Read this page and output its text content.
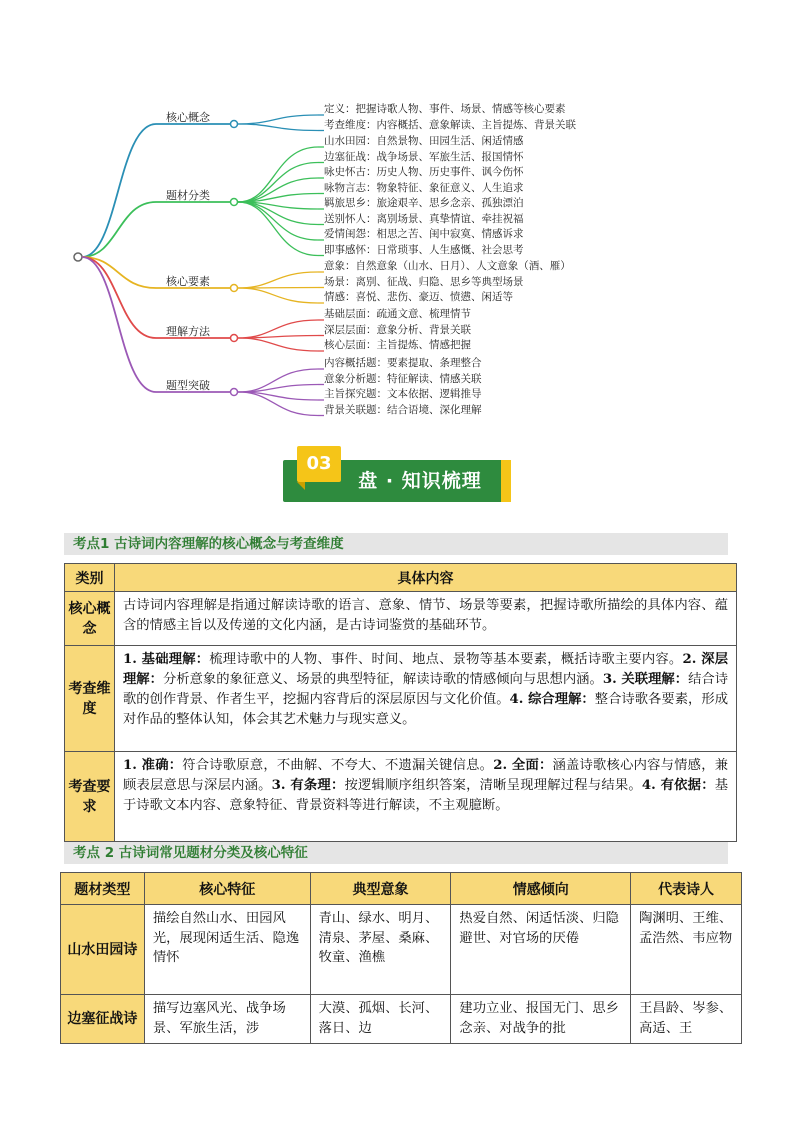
核心概念
定义：把握诗歌人物、事件、场景、情感等核心要素
考查维度：内容概括、意象解读、主旨提炼、背景关联
题材分类
山水田园：自然景物、田园生活、闲适情感
边塞征战：战争场景、军旅生活、报国情怀
咏史怀古：历史人物、历史事件、讽今伤怀
咏物言志：物象特征、象征意义、人生追求
羁旅思乡：旅途艰辛、思乡念亲、孤独漂泊
送别怀人：离别场景、真挚情谊、牵挂祝福
爱情闺怨：相思之苦、闺中寂寞、情感诉求
即事感怀：日常琐事、人生感慨、社会思考
核心要素
意象：自然意象（山水、日月）、人文意象（酒、雁）
场景：离别、征战、归隐、思乡等典型场景
情感：喜悦、悲伤、豪迈、愤懑、闲适等
理解方法
基础层面：疏通文意、梳理情节
深层层面：意象分析、背景关联
核心层面：主旨提炼、情感把握
题型突破
内容概括题：要素提取、条理整合
意象分析题：特征解读、情感关联
主旨探究题：文本依据、逻辑推导
背景关联题：结合语境、深化理解
03
盘 · 知识梳理
考点1 古诗词内容理解的核心概念与考查维度
类别	具体内容
核心概念	古诗词内容理解是指通过解读诗歌的语言、意象、情节、场景等要素，把握诗歌所描绘的具体内容、蕴含的情感主旨以及传递的文化内涵，是古诗词鉴赏的基础环节。
考查维度	1. 基础理解：梳理诗歌中的人物、事件、时间、地点、景物等基本要素，概括诗歌主要内容。2. 深层理解：分析意象的象征意义、场景的典型特征，解读诗歌的情感倾向与思想内涵。3. 关联理解：结合诗歌的创作背景、作者生平，挖掘内容背后的深层原因与文化价值。4. 综合理解：整合诗歌各要素，形成对作品的整体认知，体会其艺术魅力与现实意义。
考查要求	1. 准确：符合诗歌原意，不曲解、不夸大、不遗漏关键信息。2. 全面：涵盖诗歌核心内容与情感，兼顾表层意思与深层内涵。3. 有条理：按逻辑顺序组织答案，清晰呈现理解过程与结果。4. 有依据：基于诗歌文本内容、意象特征、背景资料等进行解读，不主观臆断。
考点 2 古诗词常见题材分类及核心特征
题材类型	核心特征	典型意象	情感倾向	代表诗人
山水田园诗	描绘自然山水、田园风光，展现闲适生活、隐逸情怀	青山、绿水、明月、清泉、茅屋、桑麻、牧童、渔樵	热爱自然、闲适恬淡、归隐避世、对官场的厌倦	陶渊明、王维、孟浩然、韦应物
边塞征战诗	描写边塞风光、战争场景、军旅生活，涉	大漠、孤烟、长河、落日、边	建功立业、报国无门、思乡念亲、对战争的批	王昌龄、岑参、高适、王
